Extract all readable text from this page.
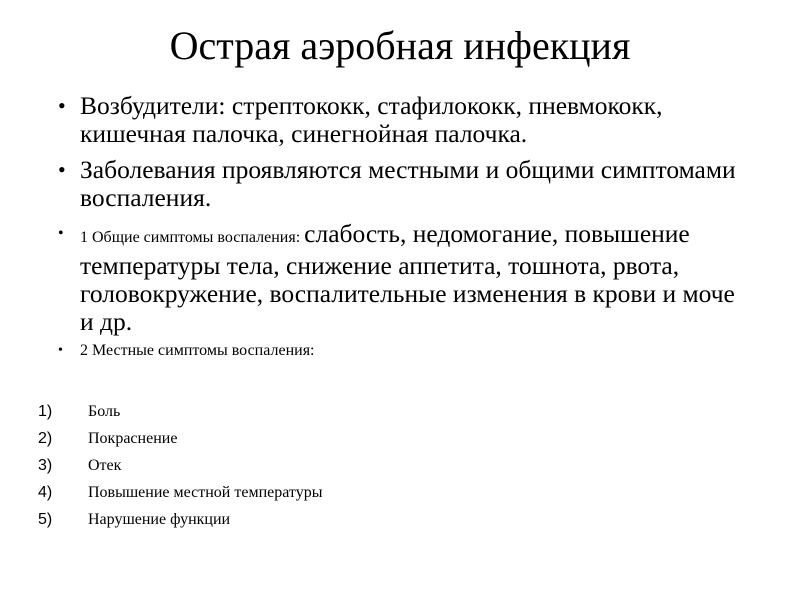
Острая аэробная инфекция
• Возбудители: стрептококк, стафилококк, пневмококк, кишечная палочка, синегнойная палочка.
• Заболевания проявляются местными и общими симптомами воспаления.
• 1 Общие симптомы воспаления: слабость, недомогание, повышение температуры тела, снижение аппетита, тошнота, рвота, головокружение, воспалительные изменения в крови и моче и др.
• 2 Местные симптомы воспаления:
1) Боль
2) Покраснение
3) Отек
4) Повышение местной температуры
5) Нарушение функции
